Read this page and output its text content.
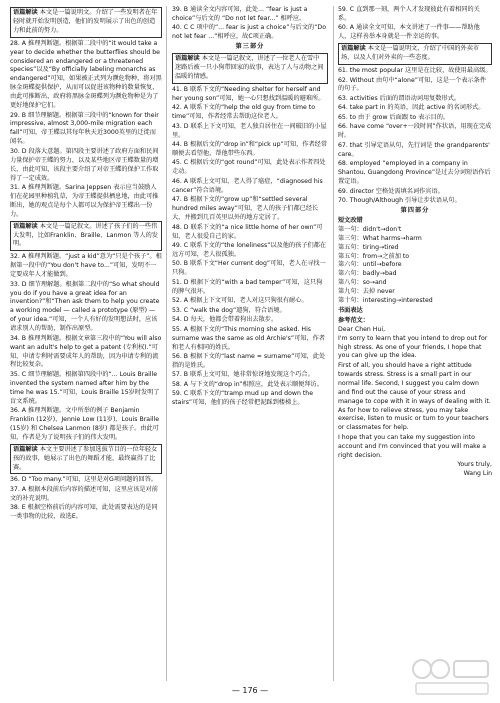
语篇解读 本文是一篇说明文。介绍了一些发明者在年轻时就开始发明创造，他们的发明展示了出色的创造力和此前的努力。
28. A 推理判断题。根据第二段中的“it would take a year to decide whether the butterflies should be considered an endangered or a threatened species”以及“By officially labeling monarchs as endangered”可知，如果被正式列为濒危物种，将对黑脉金斑蝶提供保护，从而可以促进该物种的数量恢复，由此可推断出，政府将黑脉金斑蝶列为濒危物种是为了更好地保护它们。
29. B 细节理解题。根据第三段中的“known for their impressive, almost 3,000-mile migration each fall”可知，帝王蝶以其每年秋天近3000英里的迁徙而闻名。
30. D 段落大意题。第四段主要讲述了政府方面和民间力量保护帝王蝶的努力，以及某些地区帝王蝶数量的增长，由此可知，该段主要介绍了对帝王蝶的保护工作取得了一定成效。
31. A 推理判断题。Sarina Jeppsen 表示应当鼓励人们在花园里种植乳草，为帝王蝶提供栖息地，由此可推断出，她的观点是每个人都可以为保护帝王蝶出一份力。
语篇解读 本文是一篇记叙文。讲述了孩子们的一些伟大发明，比如Franklin、Braille、Lanmon 等人的发明。
32. A 推理判断题。“just a kid”意为“只是个孩子”。根据第一段中的“You don't have to...”可知，发明不一定要成年人才能做到。
33. D 细节理解题。根据第二段中的“So what should you do if you have a great idea for an invention?”和“Then ask them to help you create a working model — called a prototype (原型) — of your idea.”可知，一个人有好的发明想法时，应该请求别人的帮助，制作出原型。
34. B 推理判断题。根据文章第三段中的“You will also want an adult's help to get a patent (专利权).”可知，申请专利时需要成年人的帮助，因为申请专利的流程比较复杂。
35. C 细节理解题。根据第四段中的“... Louis Braille invented the system named after him by the time he was 15.”可知，Louis Braille 15岁时发明了盲文系统。
36. A 推理判断题。文中所举的例子 Benjamin Franklin (12岁)、Jennie Low (11岁)、Louis Braille (15岁) 和 Chelsea Lanmon (8岁) 都是孩子。由此可知，作者是为了说明孩子们的伟大发明。
语篇解读 本文主要讲述了参加选拔节目的一位年轻女孩的故事，她展示了出色的舞蹈才能，最终赢得了比赛。
36. D “Too many.”可知，这里是对G项问题的回答。
37. A 根据本段前后内容的描述可知，这里应该是对前文的补充说明。
38. E 根据空格前后的内容可知，此处需要表达的是同一类事物的比较，故选E。
39. B 通读全文内容可知，此处... “fear is just a choice”与后文的 “Do not let fear...” 相呼应。
40. C C 项中的“... fear is just a choice”与后文的“Do not let fear ...”相呼应，故C项正确。
第三部分
语篇解读 本文是一篇记叙文，讲述了一位老人在雪中迷路后被一只小狗带回家的故事，表达了人与动物之间温暖的情感。
41. B 联系下文的“Needing shelter for herself and her young son”可知，她一心只想找到温暖的避难所。
42. A 联系下文的“help the old guy from time to time”可知，作者经常去帮助这位老人。
43. D 联系上下文可知，老人独自居住在一间破旧的小屋里。
44. B 根据后文的“drop in”和“pick up”可知，作者经常顺便去看望他，帮他带些东西。
45. C 根据后文的“got round”可知，此处表示作者四处走动。
46. A 联系上文可知，老人得了癌症，“diagnosed his cancer”符合语境。
47. B 根据下文的“grow up”和“settled several hundred miles away”可知，老人的孩子们都已经长大，并搬到几百英里以外的地方定居了。
48. D 联系下文的“a nice little home of her own”可知，老人很爱自己的家。
49. C 联系下文的“the loneliness”以及他的孩子们都在远方可知，老人很孤独。
50. B 联系下文“Her current dog”可知，老人在寻找一只狗。
51. D 根据下文的“with a bad temper”可知，这只狗的脾气很坏。
52. A 根据上下文可知，老人对这只狗很有耐心。
53. C “walk the dog”遛狗，符合语境。
54. D 每天，他都会带着狗出去散步。
55. A 根据下文的“This morning she asked. His surname was the same as old Archie's”可知，作者和老人有相同的姓氏。
56. B 根据下文的“last name = surname”可知，此处指的是姓氏。
57. B 联系上文可知，她非常惊讶地发现这个巧合。
58. A 与下文的“drop in”相照应，此处表示顺便拜访。
59. C 联系下文的“tramp mud up and down the stairs”可知，他们的孩子经常把泥踩到楼梯上。
59. C 直到那一刻，两个人才发现彼此有着相同的关系。
60. A 通读全文可知，本文讲述了一件事——帮助他人，这样善举本身就是一件幸运的事。
语篇解读 本文是一篇说明文，介绍了中国的外卖市场，以及人们对外卖的一些态度。
61. the most popular 这里是在比较，故使用最高级。
62. Without 由句中“alone”可知，这是一个表示条件的句子。
63. activities 后面的谓语动词用复数形式。
64. take part in 的英语，因此 active 的名词形式。
65. to 由于 grow 后面跟 to 表示目的。
66. have come “over+一段时间”作状语，用现在完成时。
67. that 引导定语从句，先行词是 the grandparents' care。
68. employed “employed in a company in Shantou, Guangdong Province”是过去分词短语作后置定语。
69. director 空格处需填名词作宾语。
70. Though/Although 引导让步状语从句。
第四部分
短文改错
第一句：didn't→don't
第三句：What harms→harm
第五句：tiring→tired
第五句：from→之前加 to
第六句：until→before
第六句：badly→bad
第八句：so→and
第九句：去掉 never
第十句：interesting→interested
书面表达
参考范文：
Dear Chen Hui,
I'm sorry to learn that you intend to drop out for high stress. As one of your friends, I hope that you can give up the idea.
First of all, you should have a right attitude towards stress. Stress is a small part in our normal life. Second, I suggest you calm down and find out the cause of your stress and manage to cope with it in ways of dealing with it. As for how to relieve stress, you may take exercise, listen to music or turn to your teachers or classmates for help.
I hope that you can take my suggestion into account and I'm convinced that you will make a right decision.
Yours truly,
Wang Lin
— 176 —
